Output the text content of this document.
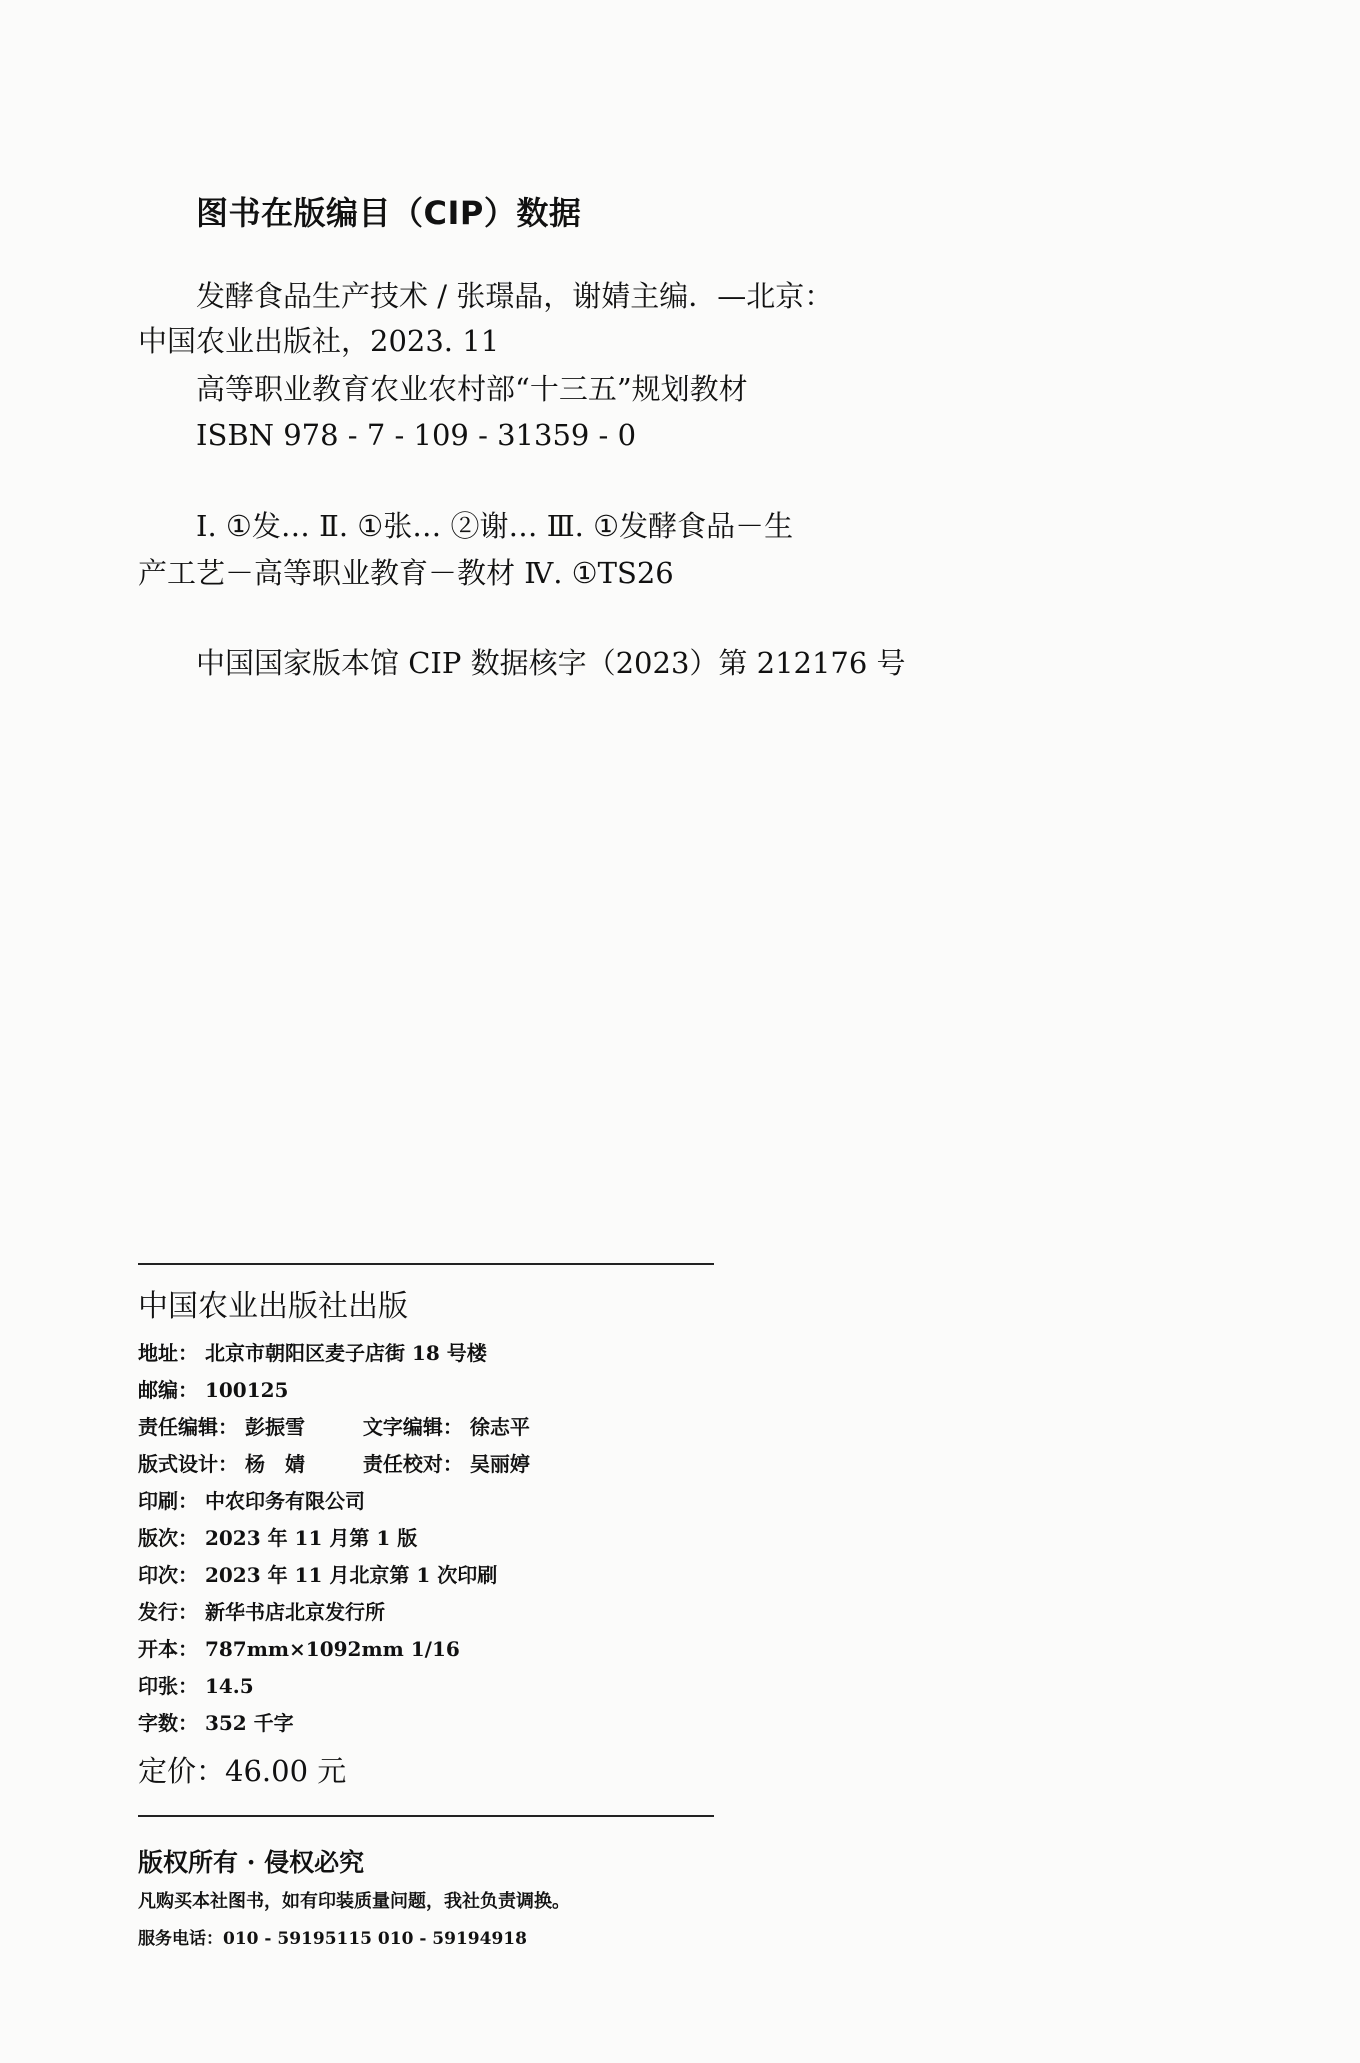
图书在版编目（CIP）数据
发酵食品生产技术 / 张璟晶，谢婧主编．—北京：
中国农业出版社，2023. 11
高等职业教育农业农村部“十三五”规划教材
ISBN 978 - 7 - 109 - 31359 - 0
Ⅰ. ①发… Ⅱ. ①张… ②谢… Ⅲ. ①发酵食品－生
产工艺－高等职业教育－教材 Ⅳ. ①TS26
中国国家版本馆 CIP 数据核字（2023）第 212176 号
中国农业出版社出版
地址： 北京市朝阳区麦子店街 18 号楼
邮编： 100125
责任编辑： 彭振雪	文字编辑： 徐志平
版式设计： 杨　婧	责任校对： 吴丽婷
印刷： 中农印务有限公司
版次： 2023 年 11 月第 1 版
印次： 2023 年 11 月北京第 1 次印刷
发行： 新华书店北京发行所
开本： 787mm×1092mm 1/16
印张： 14.5
字数： 352 千字
定价：46.00 元
版权所有 · 侵权必究
凡购买本社图书，如有印装质量问题，我社负责调换。
服务电话：010 - 59195115 010 - 59194918
